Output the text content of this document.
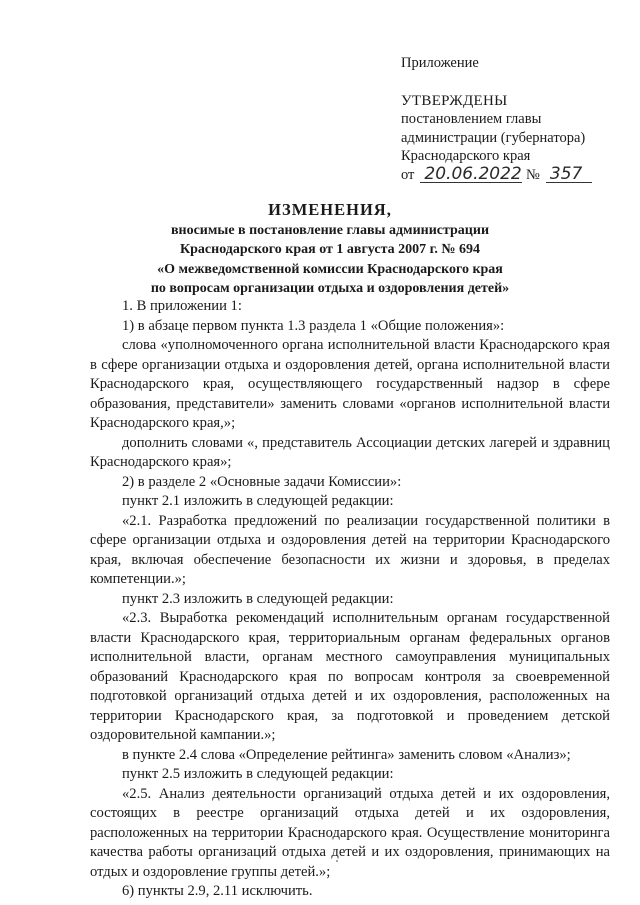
Приложение
УТВЕРЖДЕНЫ
постановлением главы
администрации (губернатора)
Краснодарского края
от 20.06.2022 № 357
ИЗМЕНЕНИЯ,
вносимые в постановление главы администрации
Краснодарского края от 1 августа 2007 г. № 694
«О межведомственной комиссии Краснодарского края
по вопросам организации отдыха и оздоровления детей»

1. В приложении 1:

1) в абзаце первом пункта 1.3 раздела 1 «Общие положения»:

слова «уполномоченного органа исполнительной власти Краснодарского края в сфере организации отдыха и оздоровления детей, органа исполнительной власти Краснодарского края, осуществляющего государственный надзор в сфере образования, представители» заменить словами «органов исполнительной власти Краснодарского края,»;

дополнить словами «, представитель Ассоциации детских лагерей и здравниц Краснодарского края»;

2) в разделе 2 «Основные задачи Комиссии»:

пункт 2.1 изложить в следующей редакции:

«2.1. Разработка предложений по реализации государственной политики в сфере организации отдыха и оздоровления детей на территории Краснодарского края, включая обеспечение безопасности их жизни и здоровья, в пределах компетенции.»;

пункт 2.3 изложить в следующей редакции:

«2.3. Выработка рекомендаций исполнительным органам государственной власти Краснодарского края, территориальным органам федеральных органов исполнительной власти, органам местного самоуправления муниципальных образований Краснодарского края по вопросам контроля за своевременной подготовкой организаций отдыха детей и их оздоровления, расположенных на территории Краснодарского края, за подготовкой и проведением детской оздоровительной кампании.»;

в пункте 2.4 слова «Определение рейтинга» заменить словом «Анализ»;

пункт 2.5 изложить в следующей редакции:

«2.5. Анализ деятельности организаций отдыха детей и их оздоровления, состоящих в реестре организаций отдыха детей и их оздоровления, расположенных на территории Краснодарского края. Осуществление мониторинга качества работы организаций отдыха детей и их оздоровления, принимающих на отдых и оздоровление группы детей.»;

6) пункты 2.9, 2.11 исключить.
